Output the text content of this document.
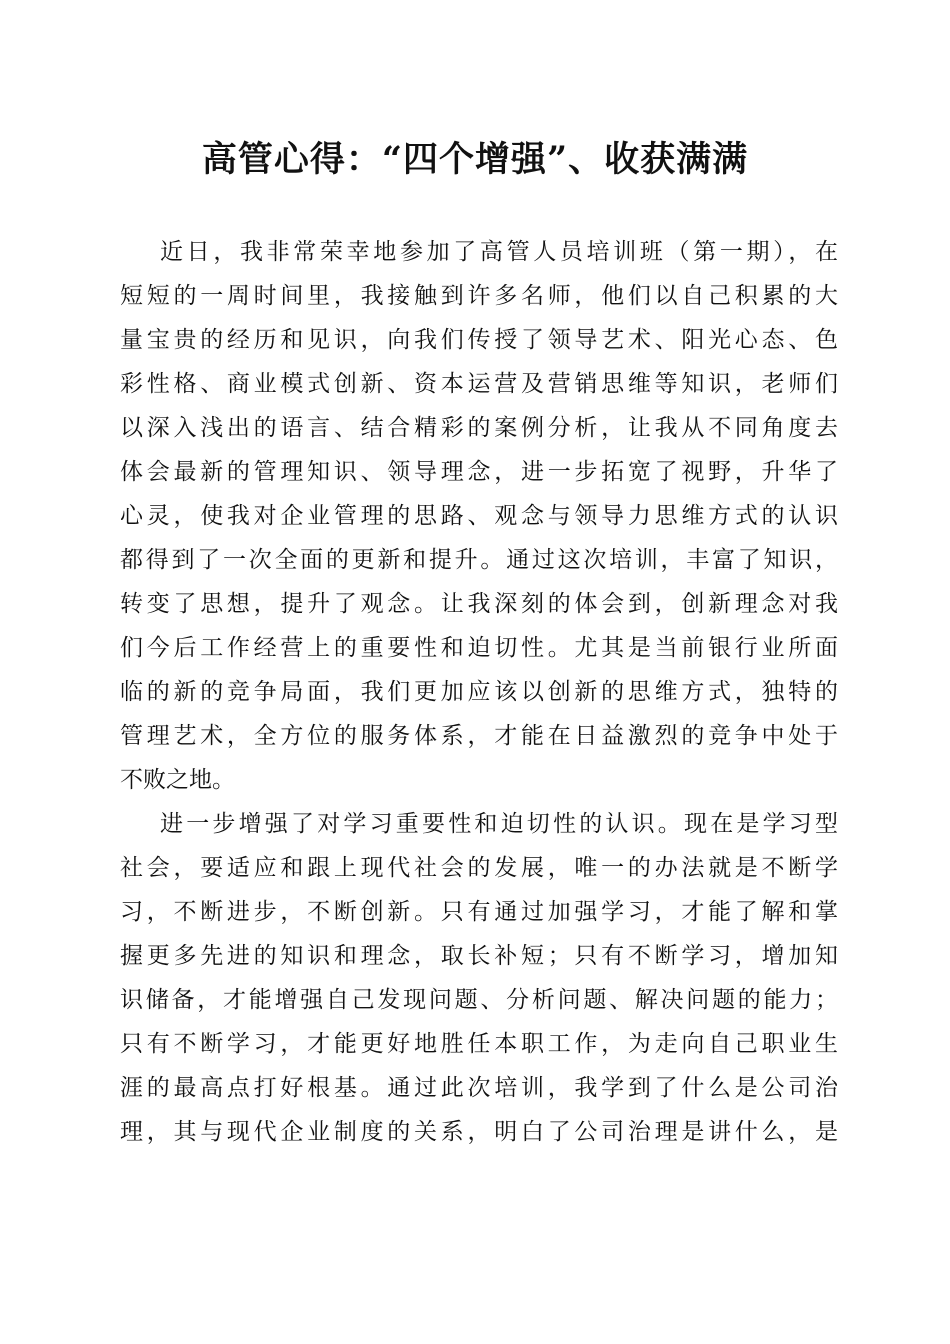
高管心得：“四个增强”、收获满满
近日，我非常荣幸地参加了高管人员培训班（第一期），在
短短的一周时间里，我接触到许多名师，他们以自己积累的大
量宝贵的经历和见识，向我们传授了领导艺术、阳光心态、色
彩性格、商业模式创新、资本运营及营销思维等知识，老师们
以深入浅出的语言、结合精彩的案例分析，让我从不同角度去
体会最新的管理知识、领导理念，进一步拓宽了视野，升华了
心灵，使我对企业管理的思路、观念与领导力思维方式的认识
都得到了一次全面的更新和提升。通过这次培训，丰富了知识，
转变了思想，提升了观念。让我深刻的体会到，创新理念对我
们今后工作经营上的重要性和迫切性。尤其是当前银行业所面
临的新的竞争局面，我们更加应该以创新的思维方式，独特的
管理艺术，全方位的服务体系，才能在日益激烈的竞争中处于
不败之地。
进一步增强了对学习重要性和迫切性的认识。现在是学习型
社会，要适应和跟上现代社会的发展，唯一的办法就是不断学
习，不断进步，不断创新。只有通过加强学习，才能了解和掌
握更多先进的知识和理念，取长补短；只有不断学习，增加知
识储备，才能增强自己发现问题、分析问题、解决问题的能力；
只有不断学习，才能更好地胜任本职工作，为走向自己职业生
涯的最高点打好根基。通过此次培训，我学到了什么是公司治
理，其与现代企业制度的关系，明白了公司治理是讲什么，是
